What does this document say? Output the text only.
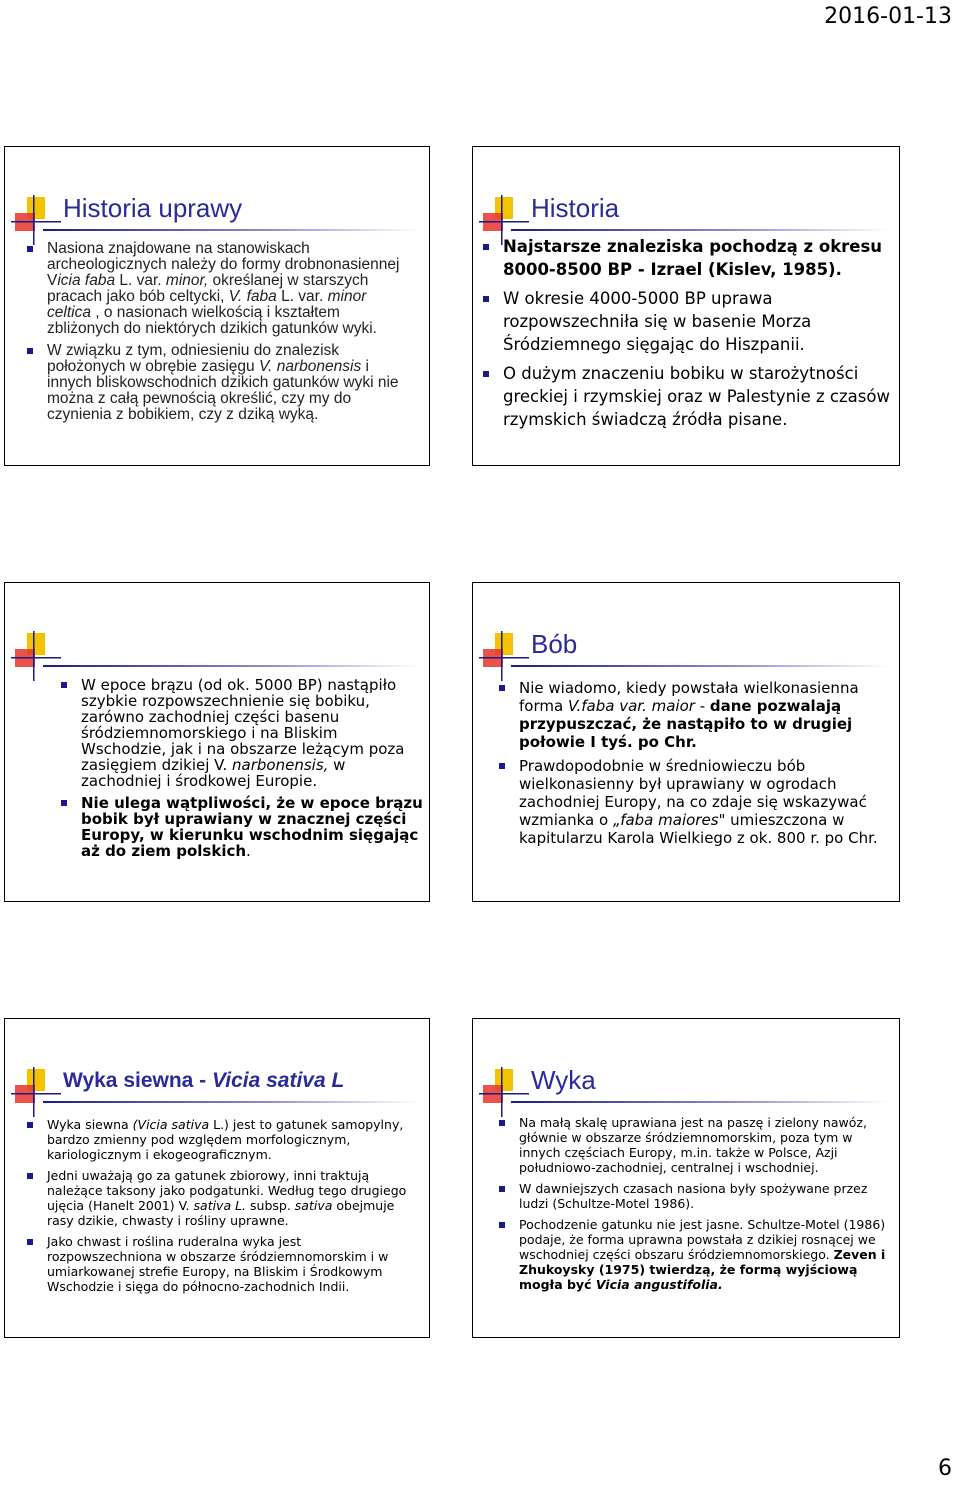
2016-01-13
Historia uprawy
Nasiona znajdowane na stanowiskach archeologicznych należy do formy drobnonasiennej Vicia faba L. var. minor, określanej w starszych pracach jako bób celtycki, V. faba L. var. minor celtica , o nasionach wielkością i kształtem zbliżonych do niektórych dzikich gatunków wyki.
W związku z tym, odniesieniu do znalezisk położonych w obrębie zasięgu V. narbonensis i innych bliskowschodnich dzikich gatunków wyki nie można z całą pewnością określić, czy my do czynienia z bobikiem, czy z dziką wyką.
Historia
Najstarsze znaleziska pochodzą z okresu 8000-8500 BP - Izrael (Kislev, 1985).
W okresie 4000-5000 BP uprawa rozpowszechniła się w basenie Morza Śródziemnego sięgając do Hiszpanii.
O dużym znaczeniu bobiku w starożytności greckiej i rzymskiej oraz w Palestynie z czasów rzymskich świadczą źródła pisane.
W epoce brązu (od ok. 5000 BP) nastąpiło szybkie rozpowszechnienie się bobiku, zarówno zachodniej części basenu śródziemnomorskiego i na Bliskim Wschodzie, jak i na obszarze leżącym poza zasięgiem dzikiej V. narbonensis, w zachodniej i środkowej Europie.
Nie ulega wątpliwości, że w epoce brązu bobik był uprawiany w znacznej części Europy, w kierunku wschodnim sięgając aż do ziem polskich.
Bób
Nie wiadomo, kiedy powstała wielkonasienna forma V.faba var. maior - dane pozwalają przypuszczać, że nastąpiło to w drugiej połowie I tyś. po Chr.
Prawdopodobnie w średniowieczu bób wielkonasienny był uprawiany w ogrodach zachodniej Europy, na co zdaje się wskazywać wzmianka o „faba maiores" umieszczona w kapitularzu Karola Wielkiego z ok. 800 r. po Chr.
Wyka siewna - Vicia sativa L
Wyka siewna (Vicia sativa L.) jest to gatunek samopylny, bardzo zmienny pod względem morfologicznym, kariologicznym i ekogeograficznym.
Jedni uważają go za gatunek zbiorowy, inni traktują należące taksony jako podgatunki. Według tego drugiego ujęcia (Hanelt 2001) V. sativa L. subsp. sativa obejmuje rasy dzikie, chwasty i rośliny uprawne.
Jako chwast i roślina ruderalna wyka jest rozpowszechniona w obszarze śródziemnomorskim i w umiarkowanej strefie Europy, na Bliskim i Środkowym Wschodzie i sięga do północno-zachodnich Indii.
Wyka
Na małą skalę uprawiana jest na paszę i zielony nawóz, głównie w obszarze śródziemnomorskim, poza tym w innych częściach Europy, m.in. także w Polsce, Azji południowo-zachodniej, centralnej i wschodniej.
W dawniejszych czasach nasiona były spożywane przez ludzi (Schultze-Motel 1986).
Pochodzenie gatunku nie jest jasne. Schultze-Motel (1986) podaje, że forma uprawna powstała z dzikiej rosnącej we wschodniej części obszaru śródziemnomorskiego. Zeven i Zhukoysky (1975) twierdzą, że formą wyjściową mogła być Vicia angustifolia.
6
